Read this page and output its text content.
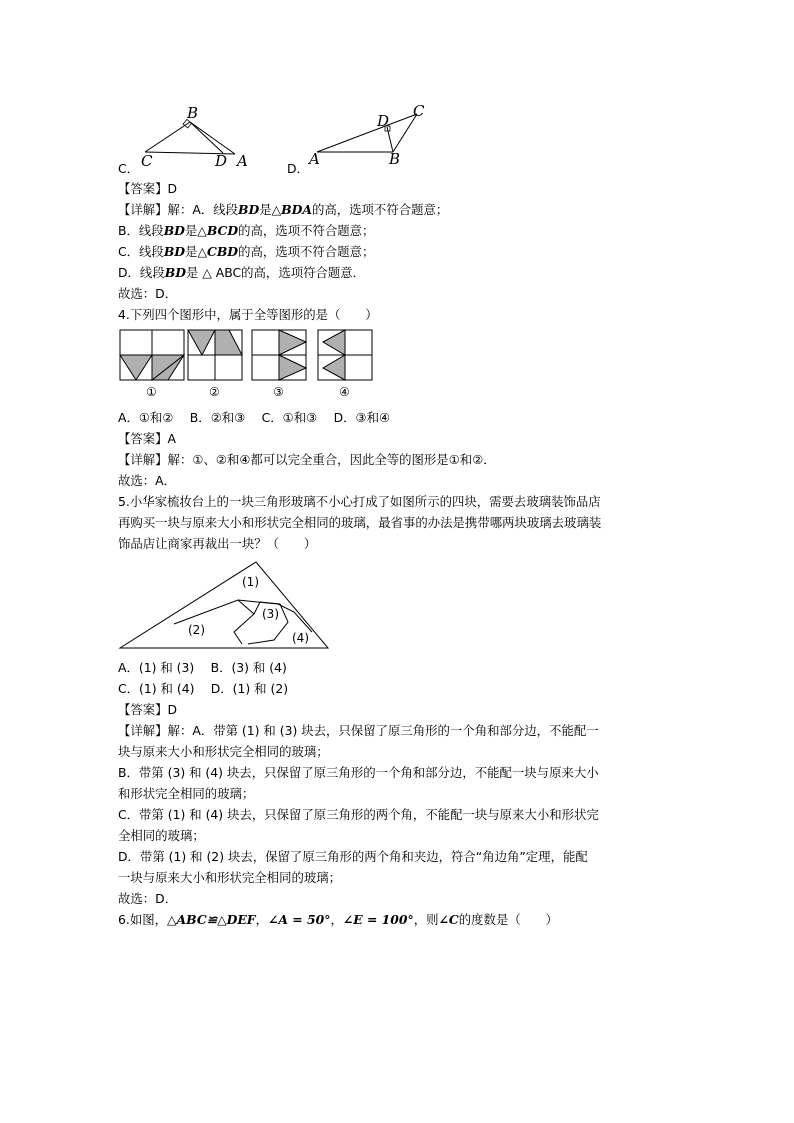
C．
B
C	D A	D．
C
D
A	B
【答案】D
【详解】解：A．线段BD是△BDA的高，选项不符合题意；
B．线段BD是△BCD的高，选项不符合题意；
C．线段BD是△CBD的高，选项不符合题意；
D．线段BD是 △ ABC的高，选项符合题意．
故选：D．
4.下列四个图形中，属于全等图形的是（　　）
①	②	③	④
A．①和②　 B．②和③　 C．①和③　 D．③和④
【答案】A
【详解】解：①、②和④都可以完全重合，因此全等的图形是①和②．
故选：A．
5.小华家梳妆台上的一块三角形玻璃不小心打成了如图所示的四块，需要去玻璃装饰品店
再购买一块与原来大小和形状完全相同的玻璃，最省事的办法是携带哪两块玻璃去玻璃装
饰品店让商家再裁出一块？（　　）
(1)
(2)
(3)
(4)
A．(1) 和 (3)　 B．(3) 和 (4)
C．(1) 和 (4)　 D．(1) 和 (2)
【答案】D
【详解】解：A．带第 (1) 和 (3) 块去，只保留了原三角形的一个角和部分边，不能配一
块与原来大小和形状完全相同的玻璃；
B．带第 (3) 和 (4) 块去，只保留了原三角形的一个角和部分边，不能配一块与原来大小
和形状完全相同的玻璃；
C．带第 (1) 和 (4) 块去，只保留了原三角形的两个角，不能配一块与原来大小和形状完
全相同的玻璃；
D．带第 (1) 和 (2) 块去，保留了原三角形的两个角和夹边，符合“角边角”定理，能配
一块与原来大小和形状完全相同的玻璃；
故选：D．
6.如图，△ABC≌△DEF，∠A = 50°，∠E = 100°，则∠C的度数是（　　）
